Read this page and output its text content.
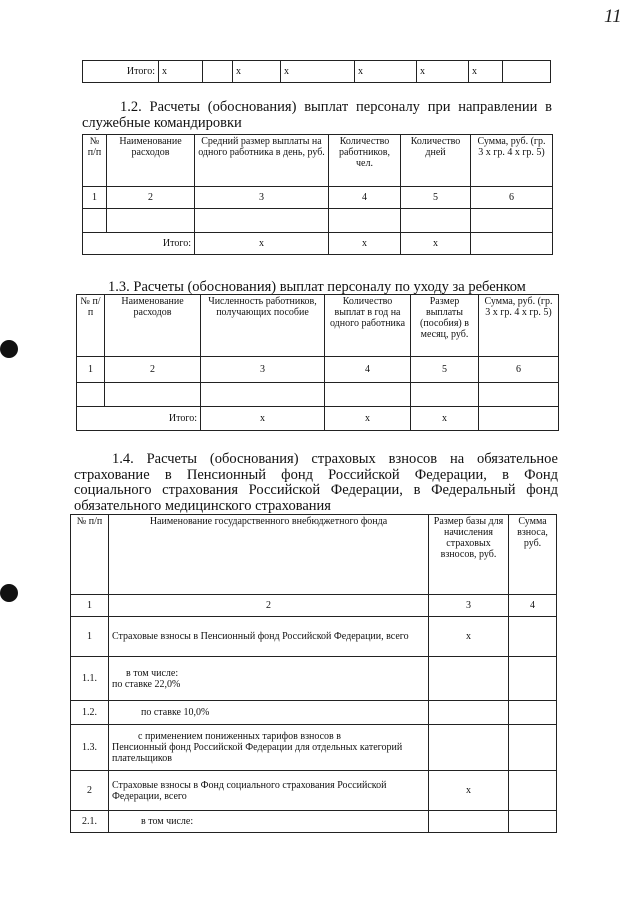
11
Итого:	x		x	x	x	x	x	
1.2. Расчеты (обоснования) выплат персоналу при направлении в служебные командировки
№ п/п	Наименование расходов	Средний размер выплаты на одного работника в день, руб.	Количество работников, чел.	Количество дней	Сумма, руб. (гр. 3 x гр. 4 x гр. 5)
1	2	3	4	5	6

Итого:		x	x	x	
1.3. Расчеты (обоснования) выплат персоналу по уходу за ребенком
№ п/п	Наименование расходов	Численность работников, получающих пособие	Количество выплат в год на одного работника	Размер выплаты (пособия) в месяц, руб.	Сумма, руб. (гр. 3 x гр. 4 x гр. 5)
1	2	3	4	5	6

Итого:		x	x	x	
1.4. Расчеты (обоснования) страховых взносов на обязательное страхование в Пенсионный фонд Российской Федерации, в Фонд социального страхования Российской Федерации, в Федеральный фонд обязательного медицинского страхования
№ п/п	Наименование государственного внебюджетного фонда	Размер базы для начисления страховых взносов, руб.	Сумма взноса, руб.
1	2	3	4
1	Страховые взносы в Пенсионный фонд Российской Федерации, всего	x	
1.1.	в том числе:
по ставке 22,0%		

1.2.	по ставке 10,0%		
1.3.	с применением пониженных тарифов взносов в
Пенсионный фонд Российской Федерации для отдельных категорий плательщиков		

2	Страховые взносы в Фонд социального страхования Российской Федерации, всего	x	
2.1.	в том числе:		
